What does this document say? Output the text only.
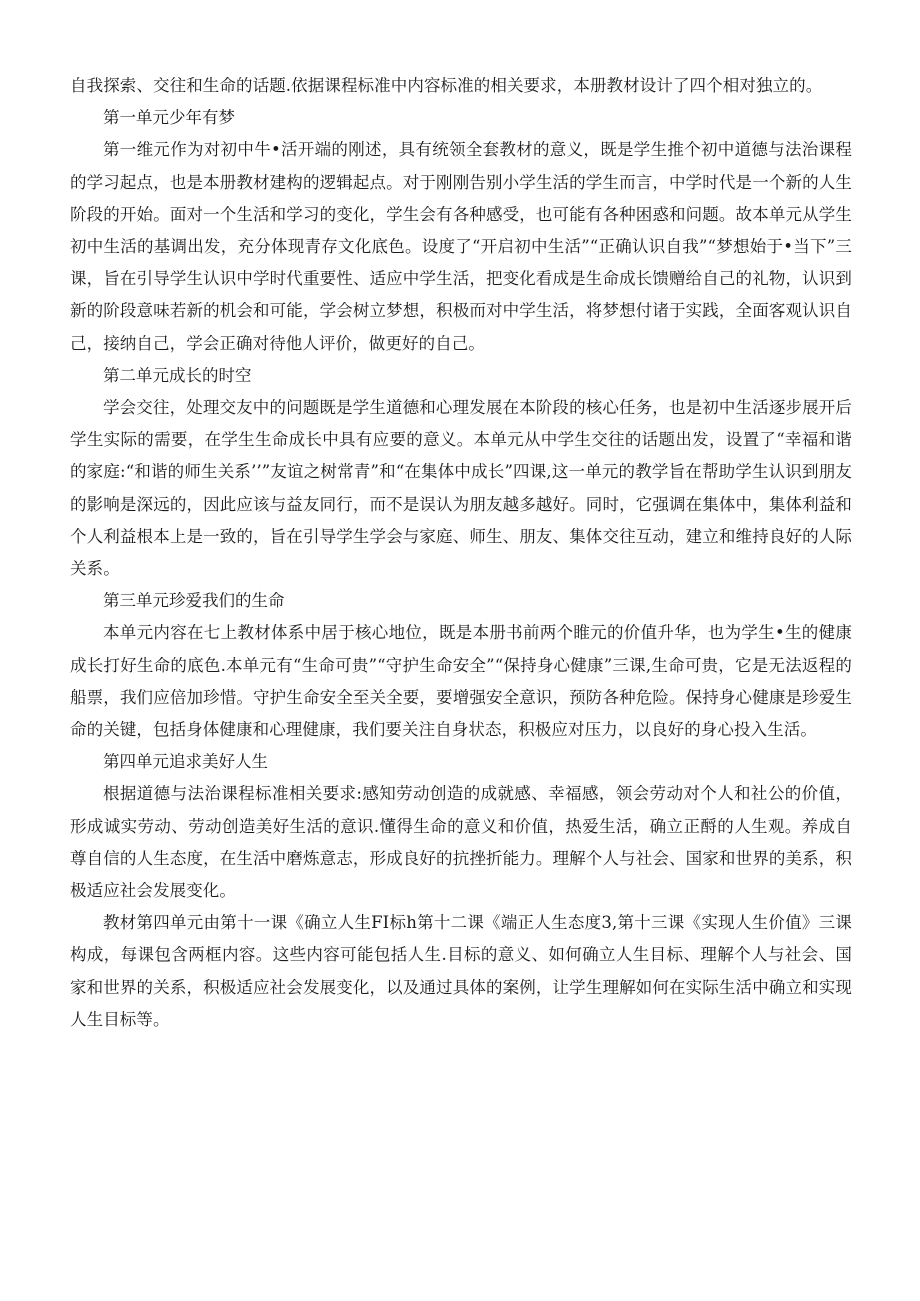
自我探索、交往和生命的话题.依据课程标准中内容标准的相关要求，本册教材设计了四个相对独立的。

第一单元少年有梦

第一维元作为对初中牛•活开端的刚述，具有统领全套教材的意义，既是学生推个初中道德与法治课程的学习起点，也是本册教材建构的逻辑起点。对于刚刚告别小学生活的学生而言，中学时代是一个新的人生阶段的开始。面对一个生活和学习的变化，学生会有各种感受，也可能有各种困惑和问题。故本单元从学生初中生活的基调出发，充分体现青存文化底色。设度了“开启初中生活”“正确认识自我”“梦想始于•当下”三课，旨在引导学生认识中学时代重要性、适应中学生活，把变化看成是生命成长馈赠给自己的礼物，认识到新的阶段意味若新的机会和可能，学会树立梦想，积极而对中学生活，将梦想付诸于实践，全面客观认识自己，接纳自己，学会正确对待他人评价，做更好的自己。

第二单元成长的时空

学会交往，处理交友中的问题既是学生道德和心理发展在本阶段的核心任务，也是初中生活逐步展开后学生实际的需要，在学生生命成长中具有应要的意义。本单元从中学生交往的话题出发，设置了“幸福和谐的家庭:“和谐的师生关系’’”友谊之树常青”和“在集体中成长”四课,这一单元的教学旨在帮助学生认识到朋友的影响是深远的，因此应该与益友同行，而不是误认为朋友越多越好。同时，它强调在集体中，集体利益和个人利益根本上是一致的，旨在引导学生学会与家庭、师生、朋友、集体交往互动，建立和维持良好的人际关系。

第三单元珍爱我们的生命

本单元内容在七上教材体系中居于核心地位，既是本册书前两个睢元的价值升华，也为学生•生的健康成长打好生命的底色.本单元有“生命可贵”“守护生命安全”“保持身心健康”三课,生命可贵，它是无法返程的船票，我们应倍加珍惜。守护生命安全至关全要，要增强安全意识，预防各种危险。保持身心健康是珍爱生命的关键，包括身体健康和心理健康，我们要关注自身状态，积极应对压力，以良好的身心投入生活。

第四单元追求美好人生

根据道德与法治课程标准相关要求:感知劳动创造的成就感、幸福感，领会劳动对个人和社公的价值，形成诚实劳动、劳动创造美好生活的意识.懂得生命的意义和价值，热爱生活，确立正酹的人生观。养成自尊自信的人生态度，在生活中磨炼意志，形成良好的抗挫折能力。理解个人与社会、国家和世界的美系，积极适应社会发展变化。

教材第四单元由第十一课《确立人生FI标h第十二课《端正人生态度3,第十三课《实现人生价值》三课构成，每课包含两框内容。这些内容可能包括人生.目标的意义、如何确立人生目标、理解个人与社会、国家和世界的关系，积极适应社会发展变化，以及通过具体的案例，让学生理解如何在实际生活中确立和实现人生目标等。
